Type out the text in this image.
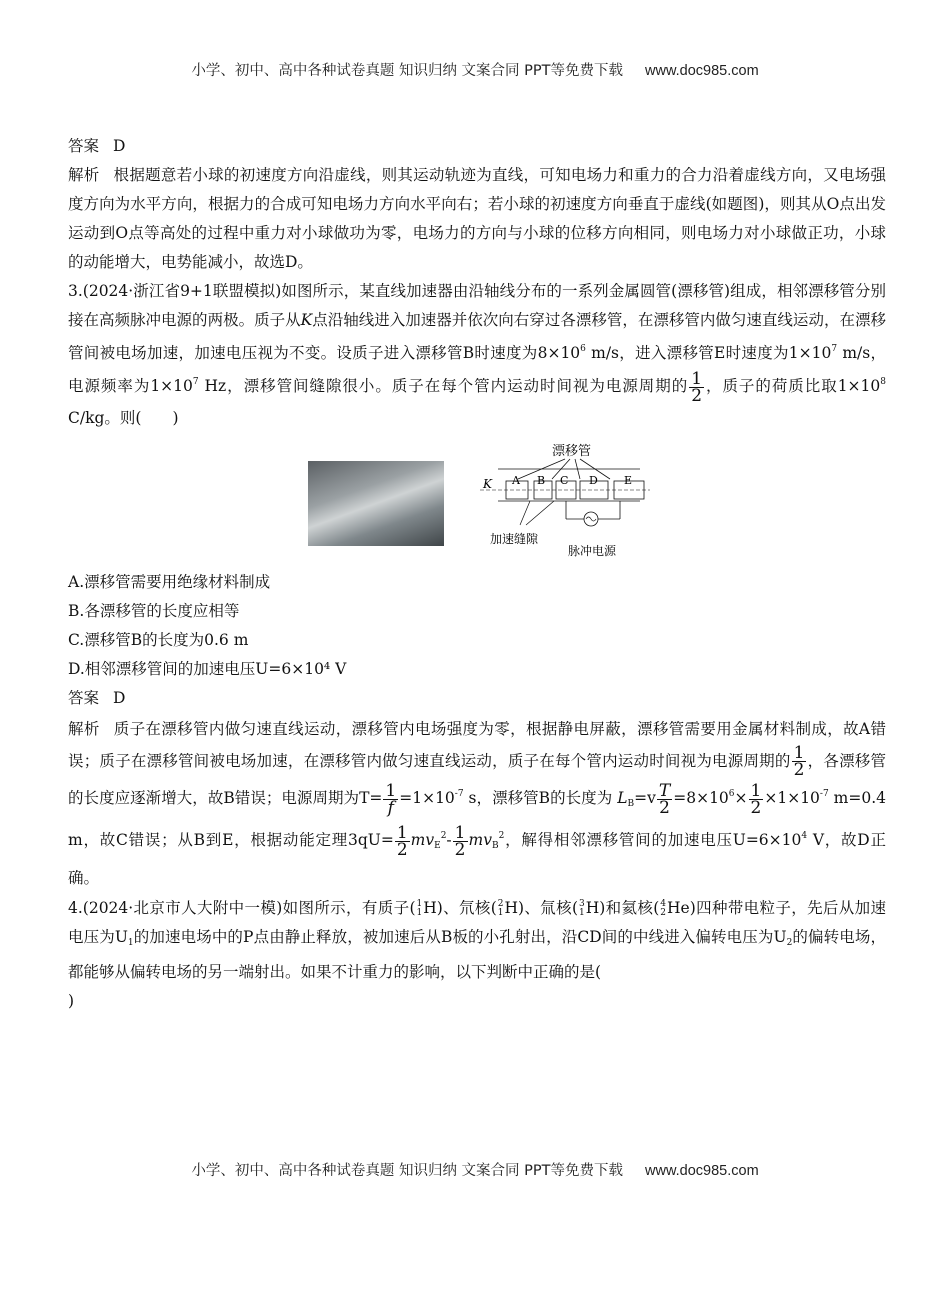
小学、初中、高中各种试卷真题 知识归纳 文案合同 PPT等免费下载 www.doc985.com

答案 D

解析 根据题意若小球的初速度方向沿虚线，则其运动轨迹为直线，可知电场力和重力的合力沿着虚线方向，又电场强度方向为水平方向，根据力的合成可知电场力方向水平向右；若小球的初速度方向垂直于虚线(如题图)，则其从O点出发运动到O点等高处的过程中重力对小球做功为零，电场力的方向与小球的位移方向相同，则电场力对小球做正功，小球的动能增大，电势能减小，故选D。

3.(2024·浙江省9+1联盟模拟)如图所示，某直线加速器由沿轴线分布的一系列金属圆管(漂移管)组成，相邻漂移管分别接在高频脉冲电源的两极。质子从K点沿轴线进入加速器并依次向右穿过各漂移管，在漂移管内做匀速直线运动，在漂移管间被电场加速，加速电压视为不变。设质子进入漂移管B时速度为$8\times 10^6$ m/s，进入漂移管E时速度为$1\times 10^7$ m/s，电源频率为$1\times 10^7$ Hz，漂移管间缝隙很小。质子在每个管内运动时间视为电源周期的 $\frac{1}{2}$ ，质子的荷质比取$1\times 10^8$ C/kg。则(　　)

漂移管
K A B C D E
加速缝隙
脉冲电源

A.漂移管需要用绝缘材料制成

B.各漂移管的长度应相等

C.漂移管B的长度为0.6 m

D.相邻漂移管间的加速电压U=6×10⁴ V

答案 D

解析 质子在漂移管内做匀速直线运动，漂移管内电场强度为零，根据静电屏蔽，漂移管需要用金属材料制成，故A错误；质子在漂移管间被电场加速，在漂移管内做匀速直线运动，质子在每个管内运动时间视为电源周期的 $\frac{1}{2}$ ，各漂移管的长度应逐渐增大，故B错误；电源周期为$T= \frac{1}{f} =1\times 10^{-7}$ s，漂移管B的长度为 $L_B=v \frac{T}{2} =8\times 10^6\times \frac{1}{2} \times 1\times 10^{-7}$ m=0.4 m，故C错误；从B到E，根据动能定理$3qU= \frac{1}{2} mv_E^2- \frac{1}{2} mv_B^2$，解得相邻漂移管间的加速电压$U=6\times 10^4$ V，故D正确。

4.(2024·北京市人大附中一模)如图所示，有质子( 1
1 H)、氘核( 2
1 H)、氚核( 3
1 H)和氦核( 4
2 He)四种带电粒子，先后从加速电压为$U_1$的加速电场中的P点由静止释放，被加速后从B板的小孔射出，沿CD间的中线进入偏转电压为$U_2$的偏转电场，都能够从偏转电场的另一端射出。如果不计重力的影响，以下判断中正确的是(

)

小学、初中、高中各种试卷真题 知识归纳 文案合同 PPT等免费下载 www.doc985.com
